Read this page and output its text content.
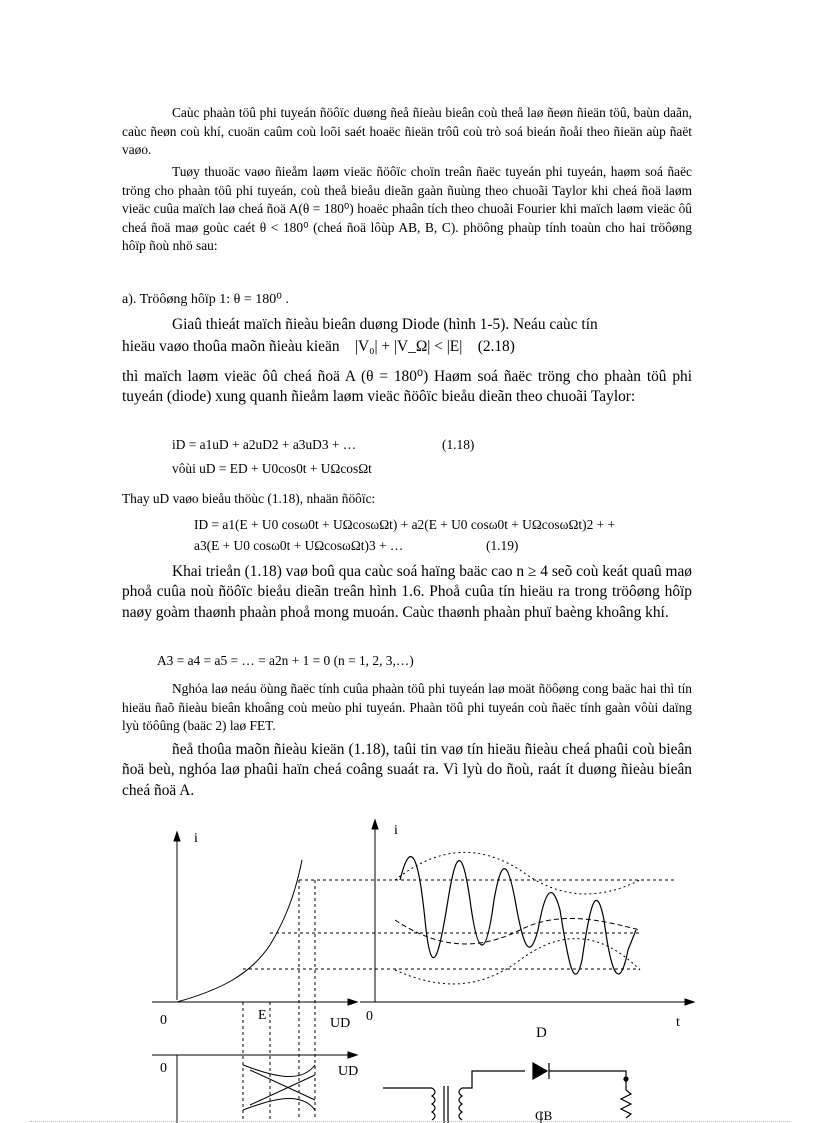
Caùc phaàn töû phi tuyeán ñöôïc duøng ñeå ñieàu bieân coù theå laø ñeøn ñieän töû, baùn daãn, caùc ñeøn coù khí, cuoän caûm coù loõi saét hoaëc ñieän trôû coù trò soá bieán ñoåi theo ñieän aùp ñaët vaøo.
Tuøy thuoäc vaøo ñieåm laøm vieäc ñöôïc choïn treân ñaëc tuyeán phi tuyeán, haøm soá ñaëc tröng cho phaàn töû phi tuyeán, coù theå bieåu dieãn gaàn ñuùng theo chuoãi Taylor khi cheá ñoä laøm vieäc cuûa maïch laø cheá ñoä A(θ = 180⁰) hoaëc phaân tích theo chuoãi Fourier khi maïch laøm vieäc ôû cheá ñoä maø goùc caét θ < 180⁰ (cheá ñoä lôùp AB, B, C). phöông phaùp tính toaùn cho hai tröôøng hôïp ñoù nhö sau:
a). Tröôøng hôïp 1: θ = 180⁰ .
Giaû thieát maïch ñieàu bieân duøng Diode (hình 1-5). Neáu caùc tín
hieäu vaøo thoûa maõn ñieàu kieän |V₀| + |V_Ω| < |E| (2.18)
thì maïch laøm vieäc ôû cheá ñoä A (θ = 180⁰) Haøm soá ñaëc tröng cho phaàn töû phi tuyeán (diode) xung quanh ñieåm laøm vieäc ñöôïc bieåu dieãn theo chuoãi Taylor:
iD = a1uD + a2uD2 + a3uD3 + …	(1.18)
vôùi uD = ED + U0cos0t + UΩcosΩt
Thay uD vaøo bieåu thöùc (1.18), nhaän ñöôïc:
ID = a1(E + U0 cosω0t + UΩcosωΩt) + a2(E + U0 cosω0t + UΩcosωΩt)2 + +
a3(E + U0 cosω0t + UΩcosωΩt)3 + …	(1.19)
Khai trieån (1.18) vaø boû qua caùc soá haïng baäc cao n ≥ 4 seõ coù keát quaû maø phoå cuûa noù ñöôïc bieåu dieãn treân hình 1.6. Phoå cuûa tín hieäu ra trong tröôøng hôïp naøy goàm thaønh phaàn phoå mong muoán. Caùc thaønh phaàn phuï baèng khoâng khí.
A3 = a4 = a5 = … = a2n + 1 = 0 (n = 1, 2, 3,…)
Nghóa laø neáu öùng ñaëc tính cuûa phaàn töû phi tuyeán laø moät ñöôøng cong baäc hai thì tín hieäu ñaõ ñieàu bieân khoâng coù meùo phi tuyeán. Phaàn töû phi tuyeán coù ñaëc tính gaàn vôùi daïng lyù töôûng (baäc 2) laø FET.
ñeå thoûa maõn ñieàu kieän (1.18), taûi tin vaø tín hieäu ñieàu cheá phaûi coù bieân ñoä beù, nghóa laø phaûi haïn cheá coâng suaát ra. Vì lyù do ñoù, raát ít duøng ñieàu bieân cheá ñoä A.
i
i
0	0
0
E
UD
UD
t
D
CB
